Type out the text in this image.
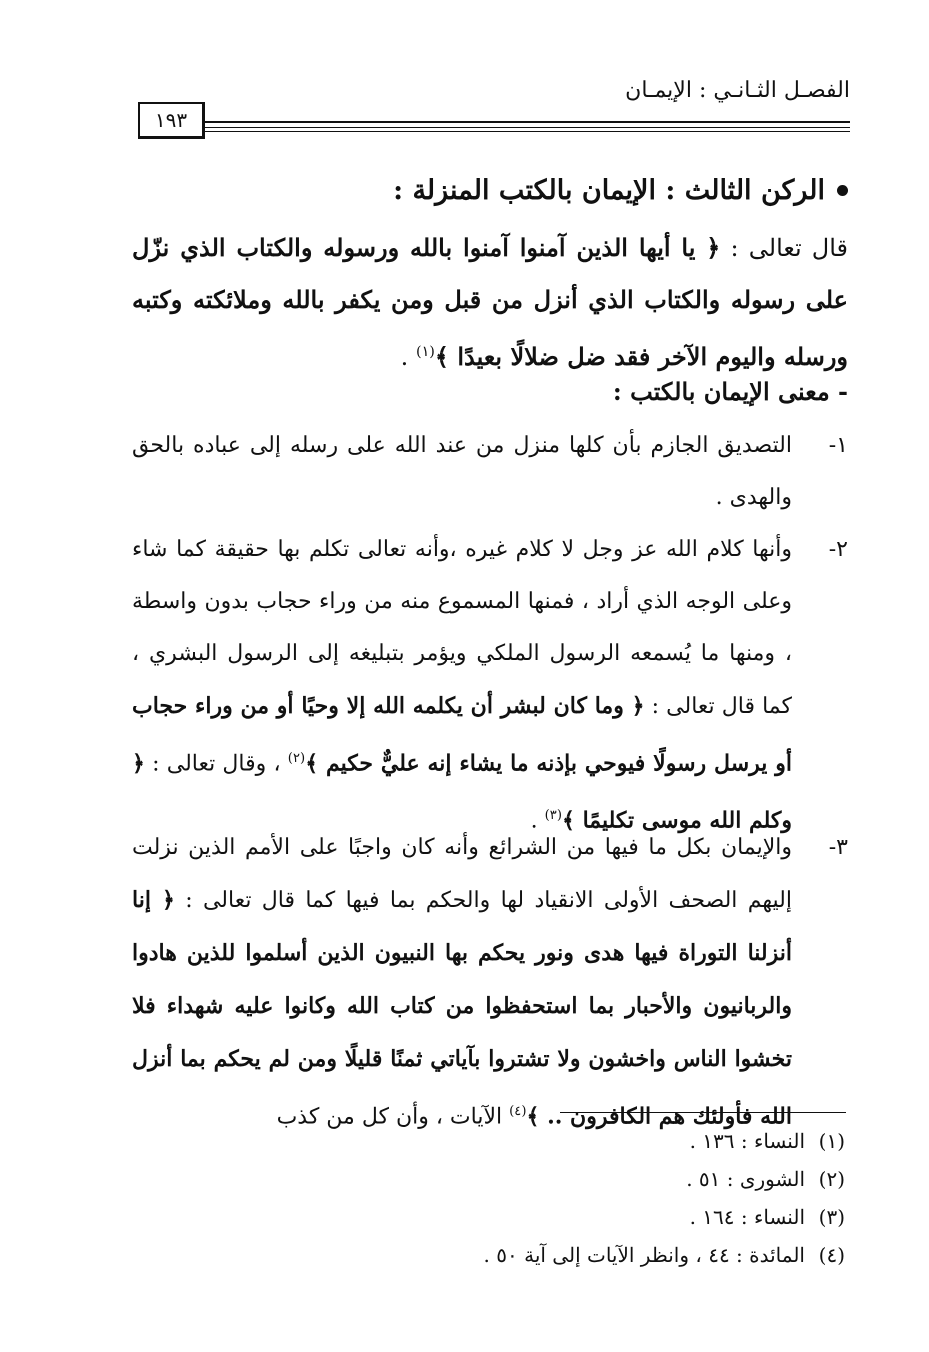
الفصـل الثـانـي : الإيمـان
١٩٣
الركن الثالث : الإيمان بالكتب المنزلة :
قال تعالى : ﴿ يا أيها الذين آمنوا آمنوا بالله ورسوله والكتاب الذي نزّل على رسوله والكتاب الذي أنزل من قبل ومن يكفر بالله وملائكته وكتبه ورسله واليوم الآخر فقد ضل ضلالًا بعيدًا ﴾$^{(١)}$ .
- معنى الإيمان بالكتب :
١-
التصديق الجازم بأن كلها منزل من عند الله على رسله إلى عباده بالحق والهدى .
٢-
وأنها كلام الله عز وجل لا كلام غيره ،وأنه تعالى تكلم بها حقيقة كما شاء وعلى الوجه الذي أراد ، فمنها المسموع منه من وراء حجاب بدون واسطة ، ومنها ما يُسمعه الرسول الملكي ويؤمر بتبليغه إلى الرسول البشري ، كما قال تعالى : ﴿ وما كان لبشر أن يكلمه الله إلا وحيًا أو من وراء حجاب أو يرسل رسولًا فيوحي بإذنه ما يشاء إنه عليٌّ حكيم ﴾$^{(٢)}$ ، وقال تعالى : ﴿ وكلم الله موسى تكليمًا ﴾$^{(٣)}$ .
٣-
والإيمان بكل ما فيها من الشرائع وأنه كان واجبًا على الأمم الذين نزلت إليهم الصحف الأولى الانقياد لها والحكم بما فيها كما قال تعالى : ﴿ إنا أنزلنا التوراة فيها هدى ونور يحكم بها النبيون الذين أسلموا للذين هادوا والربانيون والأحبار بما استحفظوا من كتاب الله وكانوا عليه شهداء فلا تخشوا الناس واخشون ولا تشتروا بآياتي ثمنًا قليلًا ومن لم يحكم بما أنزل الله فأولئك هم الكافرون .. ﴾$^{(٤)}$ الآيات ، وأن كل من كذب
(١)النساء : ١٣٦ .
(٢)الشورى : ٥١ .
(٣)النساء : ١٦٤ .
(٤)المائدة : ٤٤ ، وانظر الآيات إلى آية ٥٠ .
